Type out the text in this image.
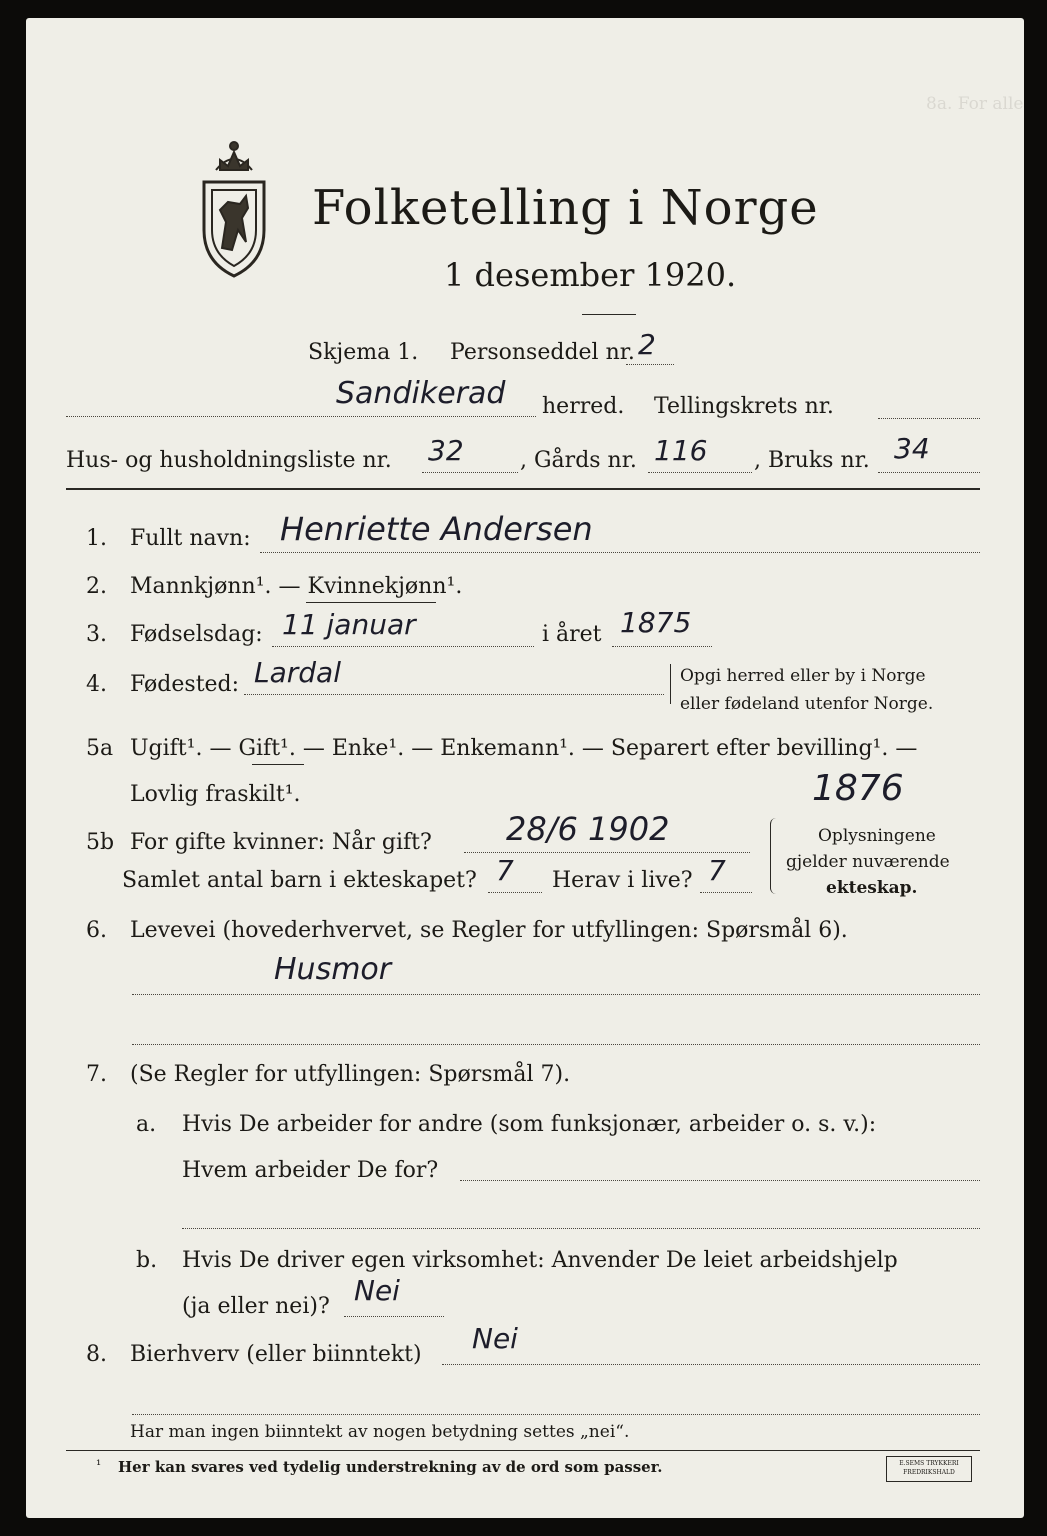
8a. For alle
Folketelling i Norge
1 desember 1920.
Skjema 1. Personseddel nr. 2
Sandikerad herred. Tellingskrets nr.
Hus- og husholdningsliste nr. 32	, Gårds nr. 116 , Bruks nr. 34
1. Fullt navn: Henriette Andersen
2. Mannkjønn¹. — Kvinnekjønn¹.
3. Fødselsdag: 11 januar	i året 1875
4. Fødested: Lardal	Opgi herred eller by i Norge
eller fødeland utenfor Norge.
5a Ugift¹. — Gift¹. — Enke¹. — Enkemann¹. — Separert efter bevilling¹. —
Lovlig fraskilt¹.	1876
5b For gifte kvinner: Når gift? 28/6 1902
Samlet antal barn i ekteskapet? 7 Herav i live? 7
Oplysningene
gjelder nuværende
ekteskap.
6. Levevei (hovederhvervet, se Regler for utfyllingen: Spørsmål 6).
Husmor
7. (Se Regler for utfyllingen: Spørsmål 7).
a. Hvis De arbeider for andre (som funksjonær, arbeider o. s. v.):
Hvem arbeider De for?
b. Hvis De driver egen virksomhet: Anvender De leiet arbeidshjelp
(ja eller nei)? Nei
8. Bierhverv (eller biinntekt) Nei
Har man ingen biinntekt av nogen betydning settes „nei“.
¹ Her kan svares ved tydelig understrekning av de ord som passer.	E.SEMS TRYKKERI FREDRIKSHALD
